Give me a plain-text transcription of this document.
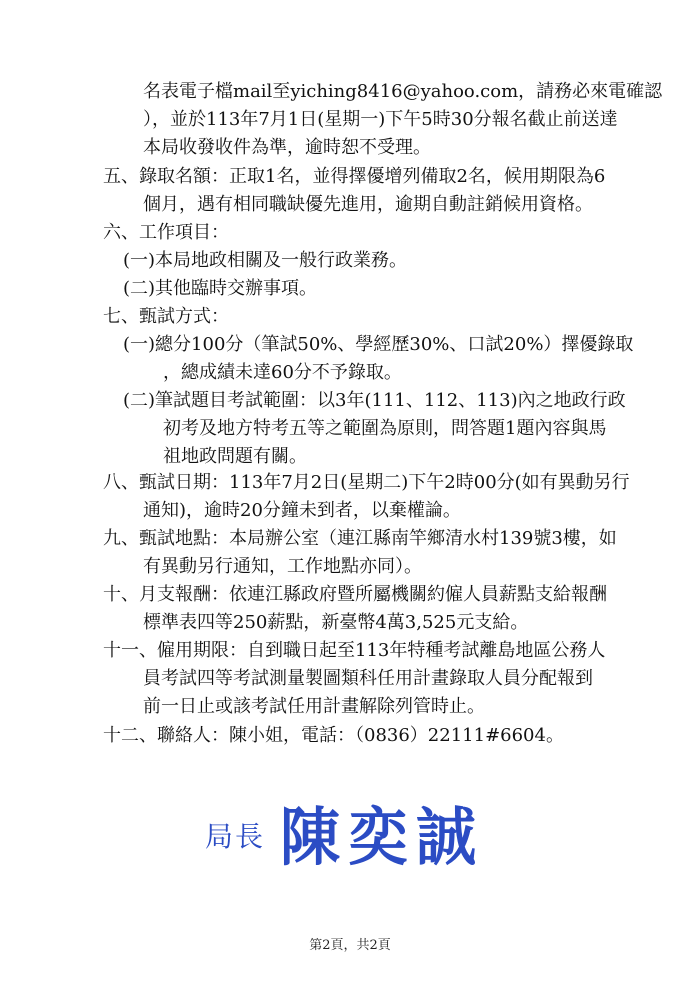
名表電子檔mail至yiching8416@yahoo.com，請務必來電確認
），並於113年7月1日(星期一)下午5時30分報名截止前送達
本局收發收件為準，逾時恕不受理。
五、錄取名額：正取1名，並得擇優增列備取2名，候用期限為6
個月，遇有相同職缺優先進用，逾期自動註銷候用資格。
六、工作項目：
(一)本局地政相關及一般行政業務。
(二)其他臨時交辦事項。
七、甄試方式：
(一)總分100分（筆試50%、學經歷30%、口試20%）擇優錄取
，總成績未達60分不予錄取。
(二)筆試題目考試範圍：以3年(111、112、113)內之地政行政
初考及地方特考五等之範圍為原則，問答題1題內容與馬
祖地政問題有關。
八、甄試日期：113年7月2日(星期二)下午2時00分(如有異動另行
通知)，逾時20分鐘未到者，以棄權論。
九、甄試地點：本局辦公室（連江縣南竿鄉清水村139號3樓，如
有異動另行通知，工作地點亦同）。
十、月支報酬：依連江縣政府暨所屬機關約僱人員薪點支給報酬
標準表四等250薪點，新臺幣4萬3,525元支給。
十一、僱用期限：自到職日起至113年特種考試離島地區公務人
員考試四等考試測量製圖類科任用計畫錄取人員分配報到
前一日止或該考試任用計畫解除列管時止。
十二、聯絡人：陳小姐，電話：（0836）22111#6604。
局長 陳奕誠
第2頁，共2頁
